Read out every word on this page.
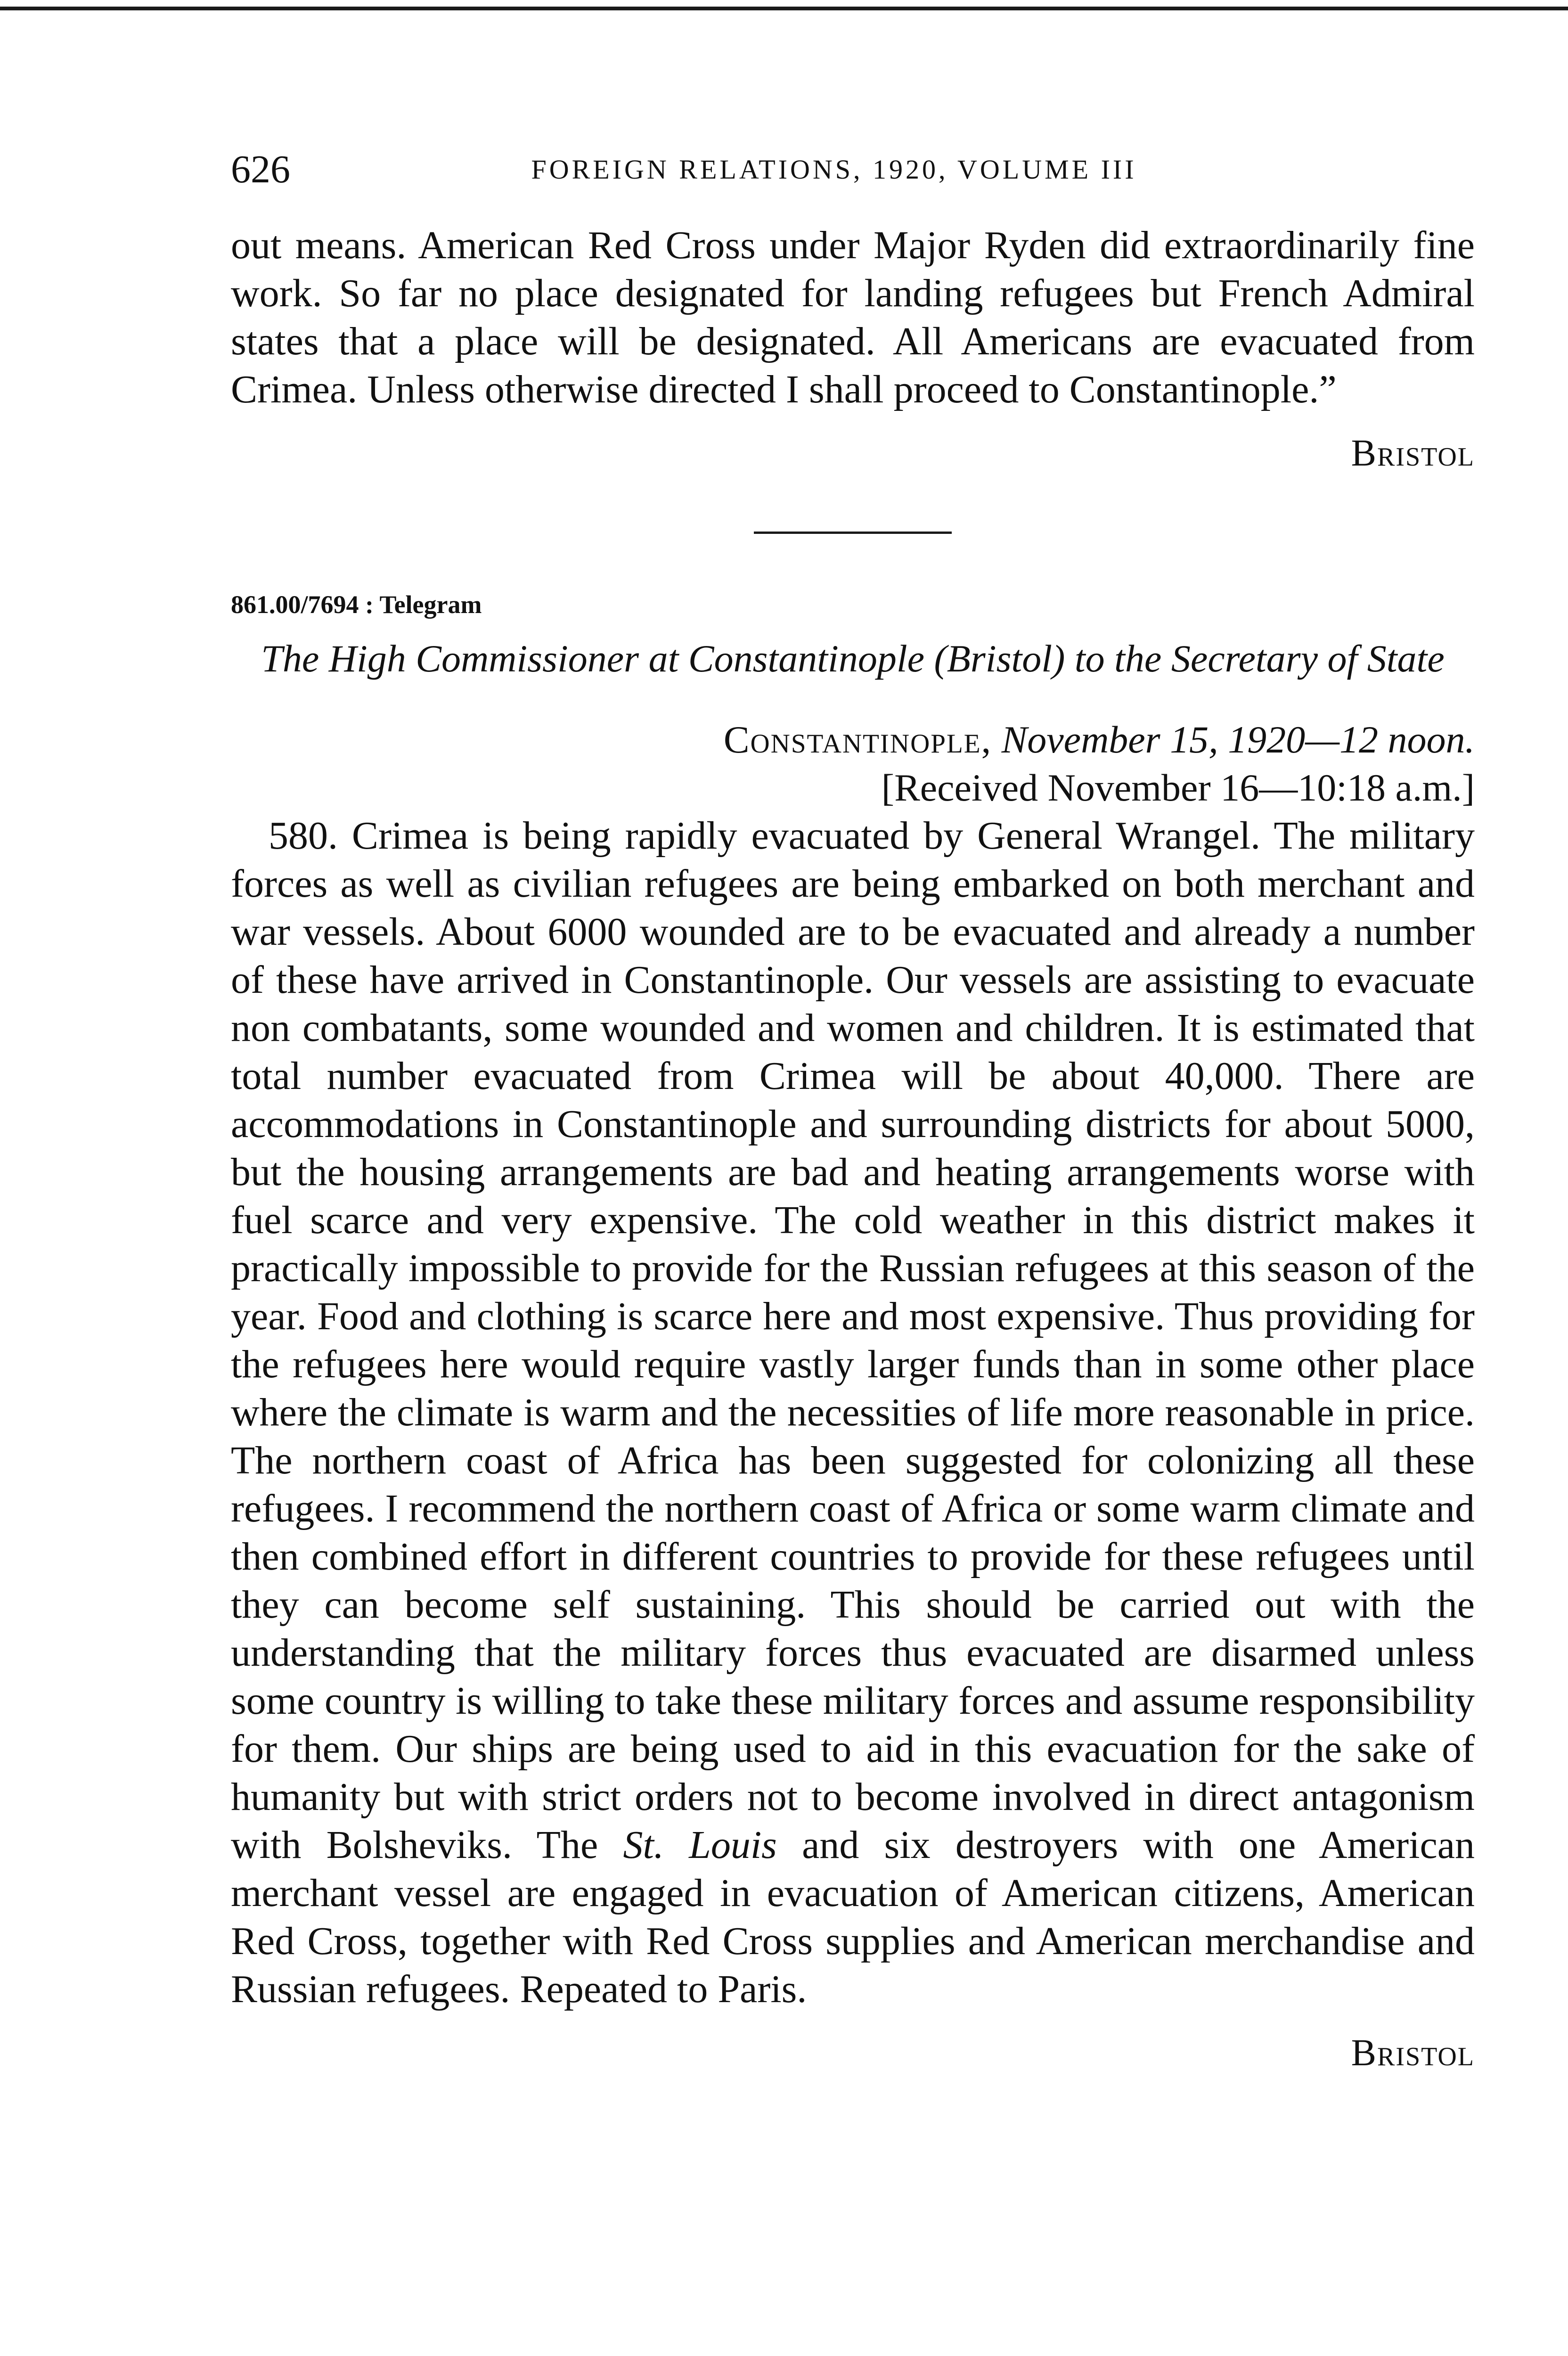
626	FOREIGN RELATIONS, 1920, VOLUME III

out means. American Red Cross under Major Ryden did extraordinarily fine work. So far no place designated for landing refugees but French Admiral states that a place will be designated. All Americans are evacuated from Crimea. Unless otherwise directed I shall proceed to Constantinople.”

Bristol

861.00/7694 : Telegram

The High Commissioner at Constantinople (Bristol) to the Secretary of State

Constantinople, November 15, 1920—12 noon.

[Received November 16—10:18 a.m.]

580. Crimea is being rapidly evacuated by General Wrangel. The military forces as well as civilian refugees are being embarked on both merchant and war vessels. About 6000 wounded are to be evacuated and already a number of these have arrived in Constantinople. Our vessels are assisting to evacuate non combatants, some wounded and women and children. It is estimated that total number evacuated from Crimea will be about 40,000. There are accommodations in Constantinople and surrounding districts for about 5000, but the housing arrangements are bad and heating arrangements worse with fuel scarce and very expensive. The cold weather in this district makes it practically impossible to provide for the Russian refugees at this season of the year. Food and clothing is scarce here and most expensive. Thus providing for the refugees here would require vastly larger funds than in some other place where the climate is warm and the necessities of life more reasonable in price. The northern coast of Africa has been suggested for colonizing all these refugees. I recommend the northern coast of Africa or some warm climate and then combined effort in different countries to provide for these refugees until they can become self sustaining. This should be carried out with the understanding that the military forces thus evacuated are disarmed unless some country is willing to take these military forces and assume responsibility for them. Our ships are being used to aid in this evacuation for the sake of humanity but with strict orders not to become involved in direct antagonism with Bolsheviks. The St. Louis and six destroyers with one American merchant vessel are engaged in evacuation of American citizens, American Red Cross, together with Red Cross supplies and American merchandise and Russian refugees. Repeated to Paris.

Bristol
